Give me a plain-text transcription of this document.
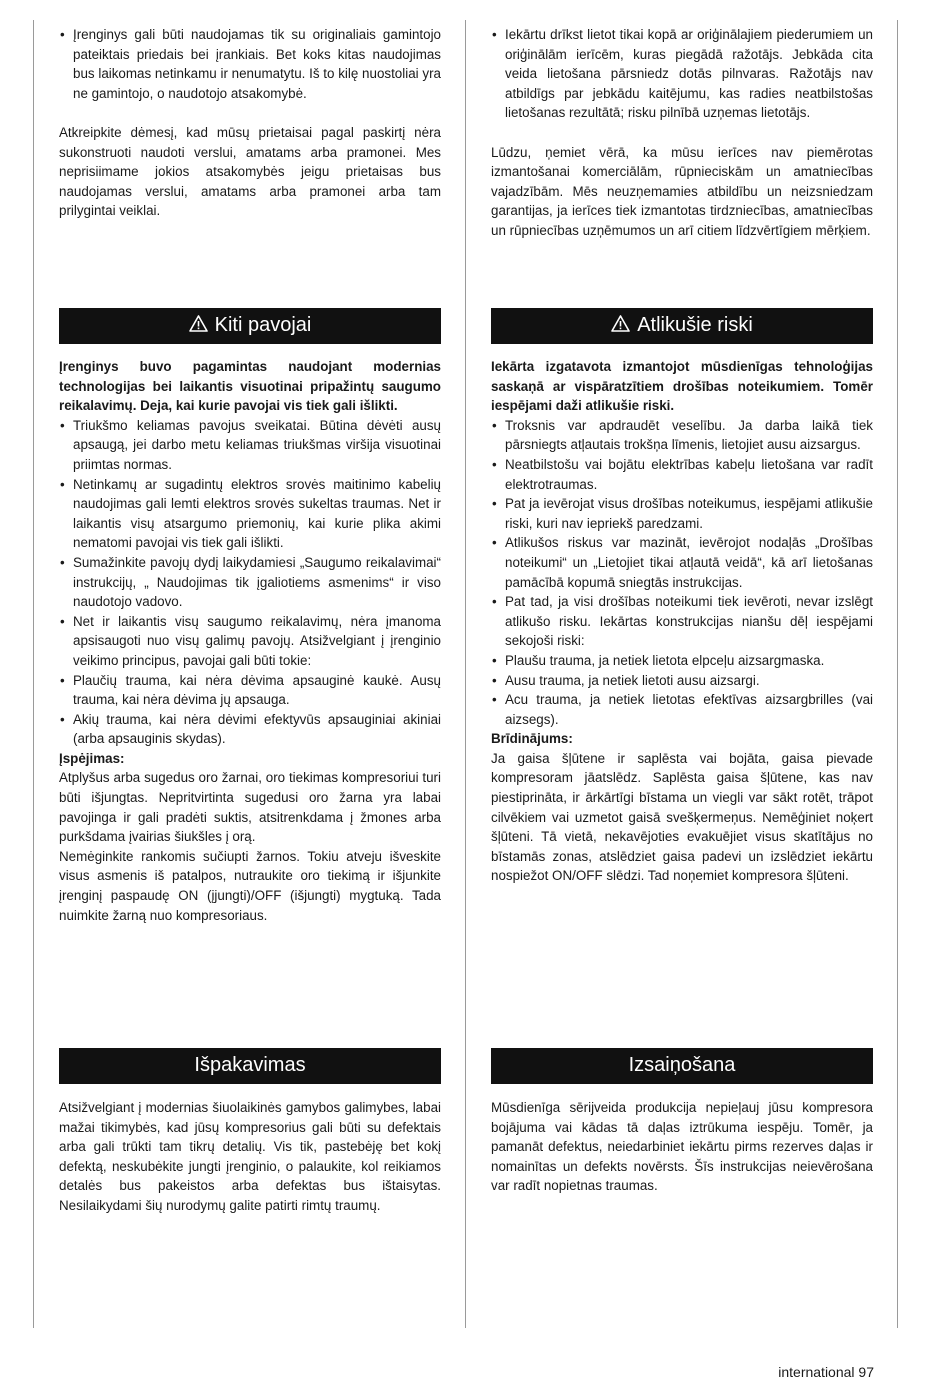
• Įrenginys gali būti naudojamas tik su originaliais gamintojo pateiktais priedais bei įrankiais. Bet koks kitas naudojimas bus laikomas netinkamu ir nenumatytu. Iš to kilę nuostoliai yra ne gamintojo, o naudotojo atsakomybė.

Atkreipkite dėmesį, kad mūsų prietaisai pagal paskirtį nėra sukonstruoti naudoti verslui, amatams arba pramonei. Mes neprisiimame jokios atsakomybės jeigu prietaisas bus naudojamas verslui, amatams arba pramonei arba tam prilygintai veiklai.

• Iekārtu drīkst lietot tikai kopā ar oriģinālajiem piederumiem un oriģinālām ierīcēm, kuras piegādā ražotājs. Jebkāda cita veida lietošana pārsniedz dotās pilnvaras. Ražotājs nav atbildīgs par jebkādu kaitējumu, kas radies neatbilstošas lietošanas rezultātā; risku pilnībā uzņemas lietotājs.

Lūdzu, ņemiet vērā, ka mūsu ierīces nav piemērotas izmantošanai komerciālām, rūpnieciskām un amatniecības vajadzībām. Mēs neuzņemamies atbildību un neizsniedzam garantijas, ja ierīces tiek izmantotas tirdzniecības, amatniecības un rūpniecības uzņēmumos un arī citiem līdzvērtīgiem mērķiem.

Kiti pavojai	Atlikušie riski

Įrenginys buvo pagamintas naudojant modernias technologijas bei laikantis visuotinai pripažintų saugumo reikalavimų. Deja, kai kurie pavojai vis tiek gali išlikti.

• Triukšmo keliamas pavojus sveikatai. Būtina dėvėti ausų apsaugą, jei darbo metu keliamas triukšmas viršija visuotinai priimtas normas.
• Netinkamų ar sugadintų elektros srovės maitinimo kabelių naudojimas gali lemti elektros srovės sukeltas traumas. Net ir laikantis visų atsargumo priemonių, kai kurie plika akimi nematomi pavojai vis tiek gali išlikti.
• Sumažinkite pavojų dydį laikydamiesi „Saugumo reikalavimai“ instrukcijų, „ Naudojimas tik įgaliotiems asmenims“ ir viso naudotojo vadovo.
• Net ir laikantis visų saugumo reikalavimų, nėra įmanoma apsisaugoti nuo visų galimų pavojų. Atsižvelgiant į įrenginio veikimo principus, pavojai gali būti tokie:
• Plaučių trauma, kai nėra dėvima apsauginė kaukė. Ausų trauma, kai nėra dėvima jų apsauga.
• Akių trauma, kai nėra dėvimi efektyvūs apsauginiai akiniai (arba apsauginis skydas).

Įspėjimas:

Atplyšus arba sugedus oro žarnai, oro tiekimas kompresoriui turi būti išjungtas. Nepritvirtinta sugedusi oro žarna yra labai pavojinga ir gali pradėti suktis, atsitrenkdama į žmones arba purkšdama įvairias šiukšles į orą.

Nemėginkite rankomis sučiupti žarnos. Tokiu atveju išveskite visus asmenis iš patalpos, nutraukite oro tiekimą ir išjunkite įrenginį paspaudę ON (įjungti)/OFF (išjungti) mygtuką. Tada nuimkite žarną nuo kompresoriaus.

Iekārta izgatavota izmantojot mūsdienīgas tehnoloģijas saskaņā ar vispāratzītiem drošības noteikumiem. Tomēr iespējami daži atlikušie riski.

• Troksnis var apdraudēt veselību. Ja darba laikā tiek pārsniegts atļautais trokšņa līmenis, lietojiet ausu aizsargus.
• Neatbilstošu vai bojātu elektrības kabeļu lietošana var radīt elektrotraumas.
• Pat ja ievērojat visus drošības noteikumus, iespējami atlikušie riski, kuri nav iepriekš paredzami.
• Atlikušos riskus var mazināt, ievērojot nodaļās „Drošības noteikumi“ un „Lietojiet tikai atļautā veidā“, kā arī lietošanas pamācībā kopumā sniegtās instrukcijas.
• Pat tad, ja visi drošības noteikumi tiek ievēroti, nevar izslēgt atlikušo risku. Iekārtas konstrukcijas nianšu dēļ iespējami sekojoši riski:
• Plaušu trauma, ja netiek lietota elpceļu aizsargmaska.
• Ausu trauma, ja netiek lietoti ausu aizsargi.
• Acu trauma, ja netiek lietotas efektīvas aizsargbrilles (vai aizsegs).

Brīdinājums:

Ja gaisa šļūtene ir saplēsta vai bojāta, gaisa pievade kompresoram jāatslēdz. Saplēsta gaisa šļūtene, kas nav piestiprināta, ir ārkārtīgi bīstama un viegli var sākt rotēt, trāpot cilvēkiem vai uzmetot gaisā svešķermeņus. Nemēģiniet noķert šļūteni. Tā vietā, nekavējoties evakuējiet visus skatītājus no bīstamās zonas, atslēdziet gaisa padevi un izslēdziet iekārtu nospiežot ON/OFF slēdzi. Tad noņemiet kompresora šļūteni.

Išpakavimas	Izsaiņošana

Atsižvelgiant į modernias šiuolaikinės gamybos galimybes, labai mažai tikimybės, kad jūsų kompresorius gali būti su defektais arba gali trūkti tam tikrų detalių. Vis tik, pastebėję bet kokį defektą, neskubėkite jungti įrenginio, o palaukite, kol reikiamos detalės bus pakeistos arba defektas bus ištaisytas. Nesilaikydami šių nurodymų galite patirti rimtų traumų.

Mūsdienīga sērijveida produkcija nepieļauj jūsu kompresora bojājuma vai kādas tā daļas iztrūkuma iespēju. Tomēr, ja pamanāt defektus, neiedarbiniet iekārtu pirms rezerves daļas ir nomainītas un defekts novērsts. Šīs instrukcijas neievērošana var radīt nopietnas traumas.

international 97
